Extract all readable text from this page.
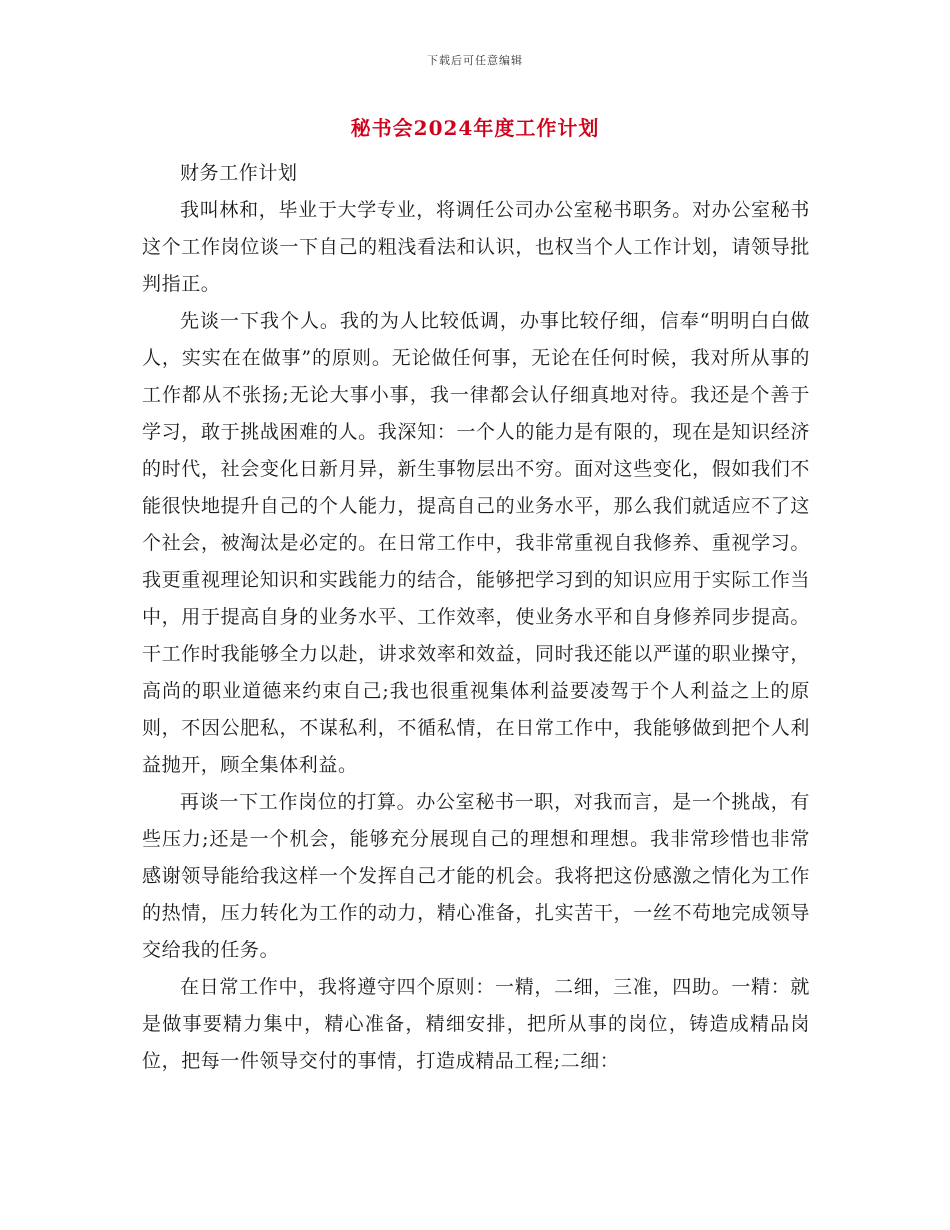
下载后可任意编辑
秘书会2024年度工作计划

财务工作计划

我叫林和，毕业于大学专业，将调任公司办公室秘书职务。对办公室秘书这个工作岗位谈一下自己的粗浅看法和认识，也权当个人工作计划，请领导批判指正。

先谈一下我个人。我的为人比较低调，办事比较仔细，信奉“明明白白做人，实实在在做事”的原则。无论做任何事，无论在任何时候，我对所从事的工作都从不张扬;无论大事小事，我一律都会认仔细真地对待。我还是个善于学习，敢于挑战困难的人。我深知：一个人的能力是有限的，现在是知识经济的时代，社会变化日新月异，新生事物层出不穷。面对这些变化，假如我们不能很快地提升自己的个人能力，提高自己的业务水平，那么我们就适应不了这个社会，被淘汰是必定的。在日常工作中，我非常重视自我修养、重视学习。我更重视理论知识和实践能力的结合，能够把学习到的知识应用于实际工作当中，用于提高自身的业务水平、工作效率，使业务水平和自身修养同步提高。干工作时我能够全力以赴，讲求效率和效益，同时我还能以严谨的职业操守，高尚的职业道德来约束自己;我也很重视集体利益要凌驾于个人利益之上的原则，不因公肥私，不谋私利，不循私情，在日常工作中，我能够做到把个人利益抛开，顾全集体利益。

再谈一下工作岗位的打算。办公室秘书一职，对我而言，是一个挑战，有些压力;还是一个机会，能够充分展现自己的理想和理想。我非常珍惜也非常感谢领导能给我这样一个发挥自己才能的机会。我将把这份感激之情化为工作的热情，压力转化为工作的动力，精心准备，扎实苦干，一丝不苟地完成领导交给我的任务。

在日常工作中，我将遵守四个原则：一精，二细，三准，四助。一精：就是做事要精力集中，精心准备，精细安排，把所从事的岗位，铸造成精品岗位，把每一件领导交付的事情，打造成精品工程;二细：
